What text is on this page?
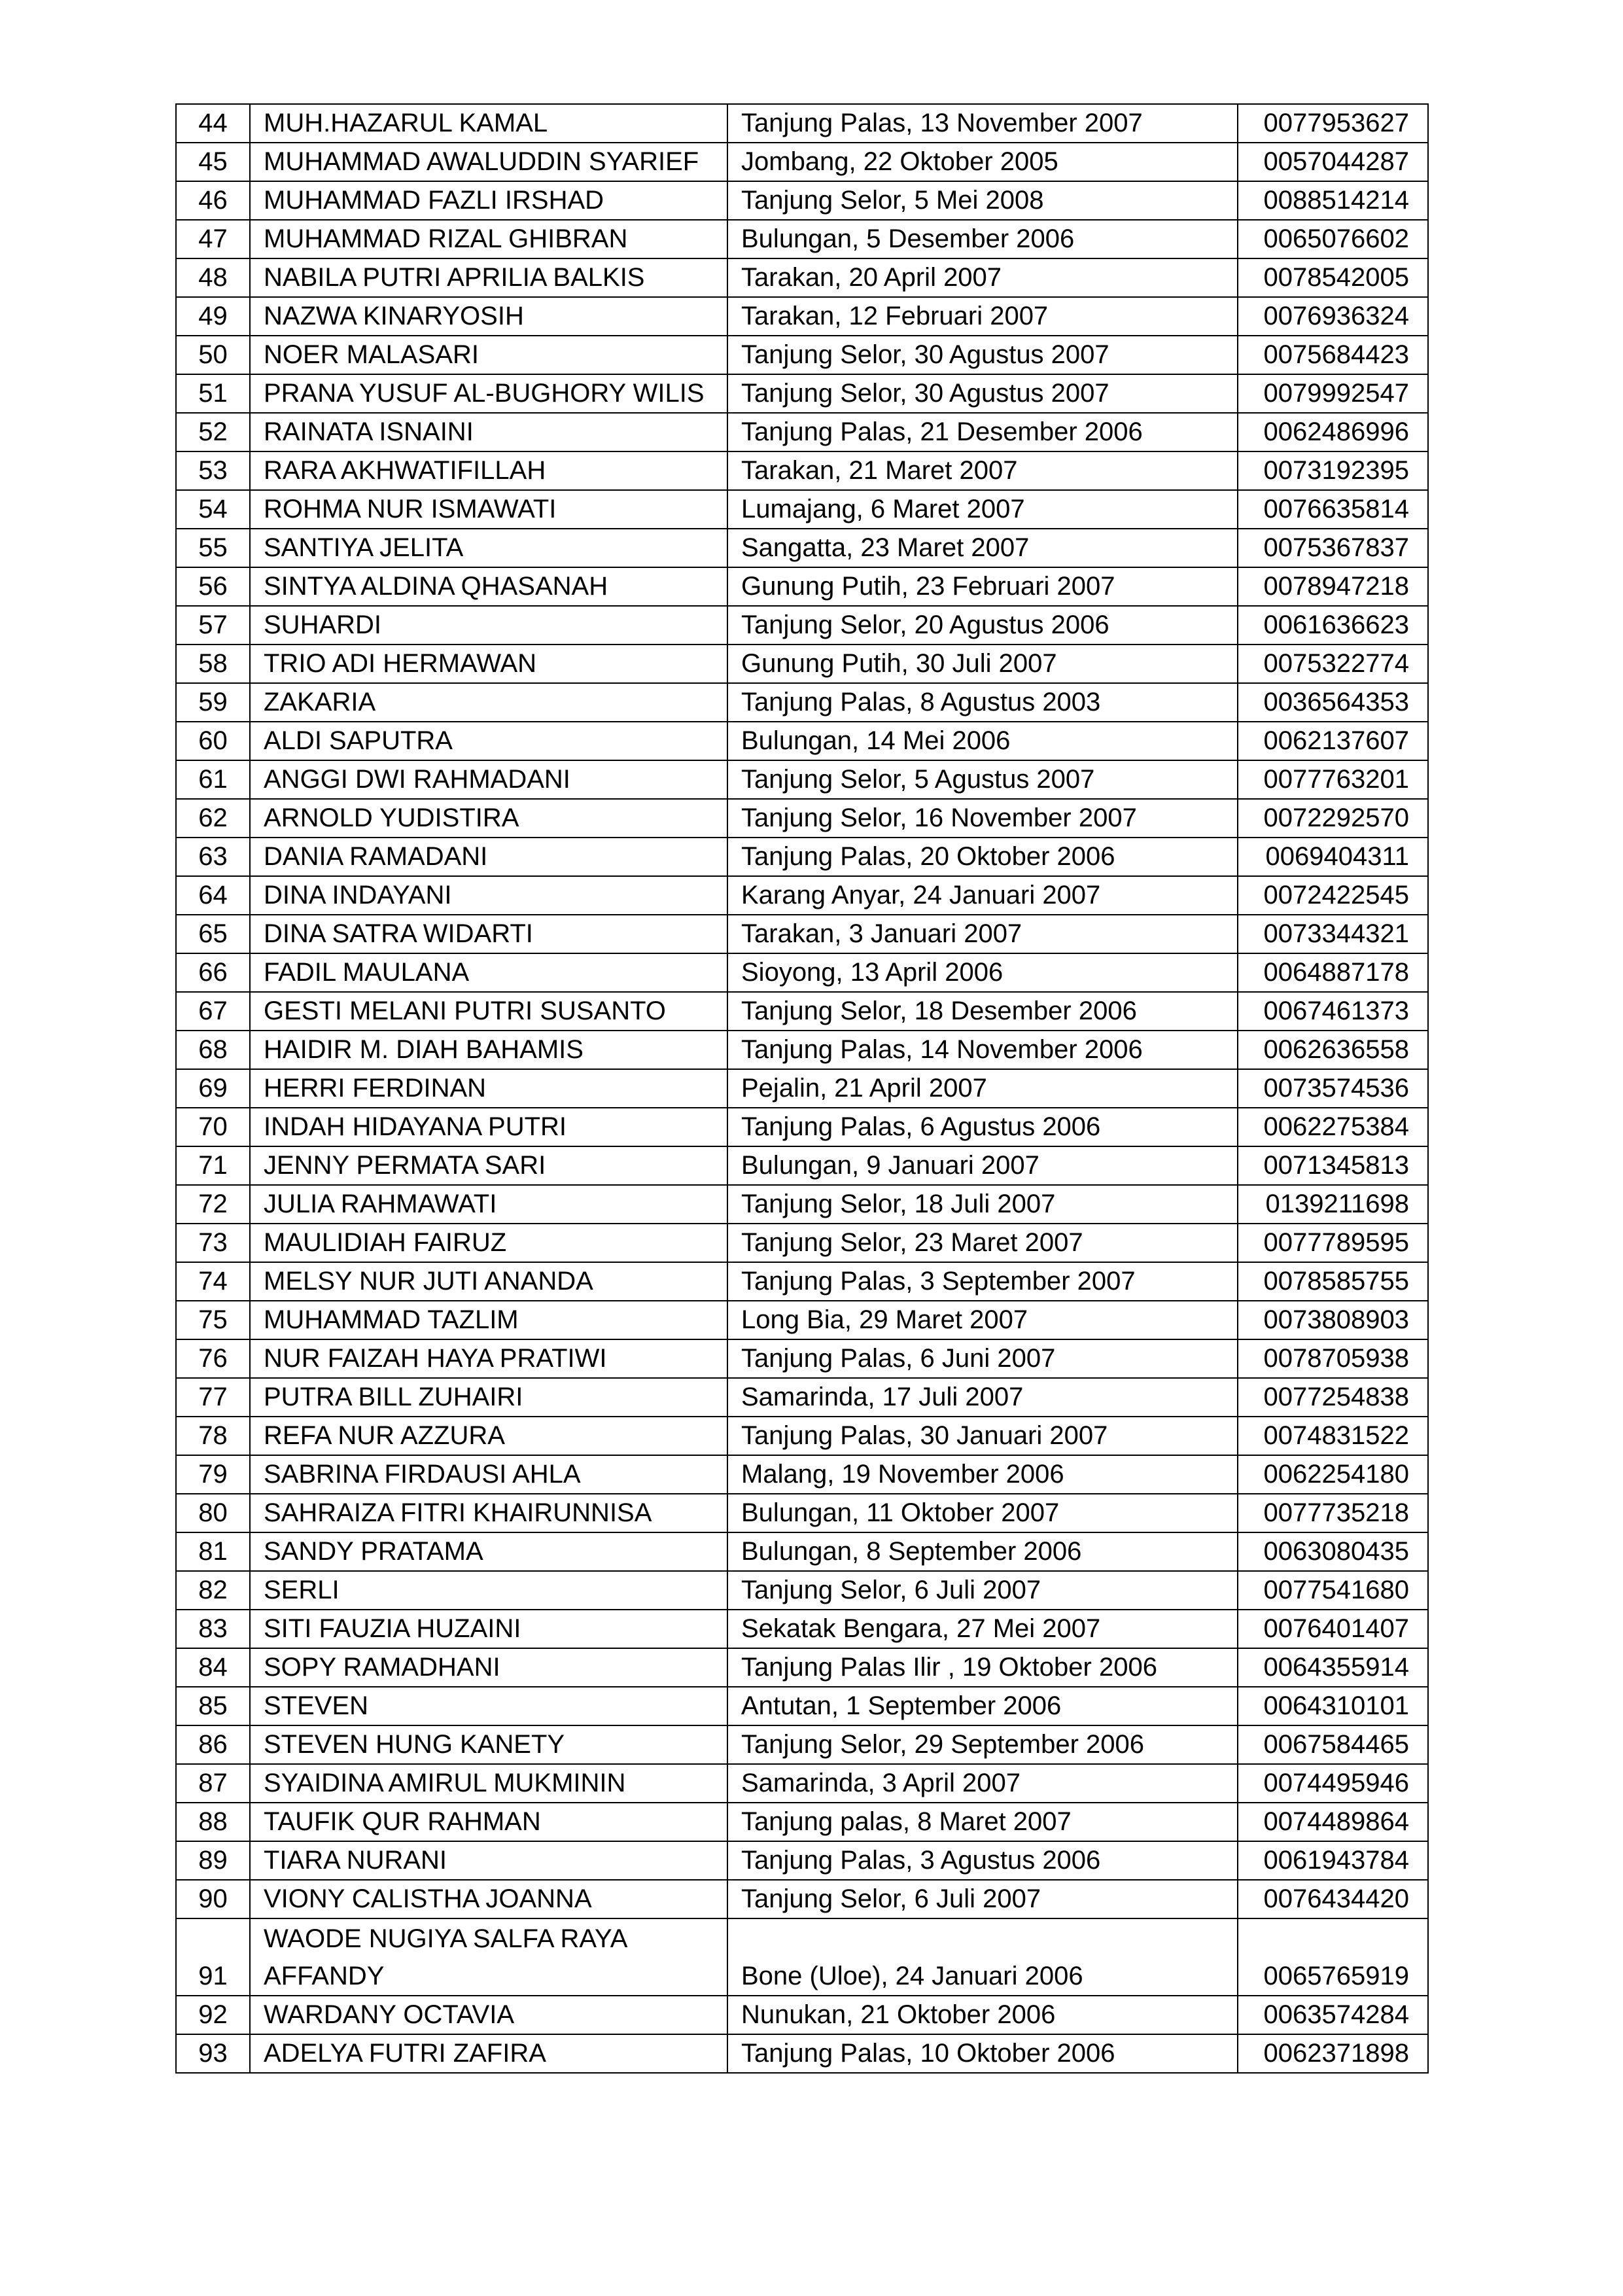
44	MUH.HAZARUL KAMAL	Tanjung Palas, 13 November 2007	0077953627
45	MUHAMMAD AWALUDDIN SYARIEF	Jombang, 22 Oktober 2005	0057044287
46	MUHAMMAD FAZLI IRSHAD	Tanjung Selor, 5 Mei 2008	0088514214
47	MUHAMMAD RIZAL GHIBRAN	Bulungan, 5 Desember 2006	0065076602
48	NABILA PUTRI APRILIA BALKIS	Tarakan, 20 April 2007	0078542005
49	NAZWA KINARYOSIH	Tarakan, 12 Februari 2007	0076936324
50	NOER MALASARI	Tanjung Selor, 30 Agustus 2007	0075684423
51	PRANA YUSUF AL-BUGHORY WILIS	Tanjung Selor, 30 Agustus 2007	0079992547
52	RAINATA ISNAINI	Tanjung Palas, 21 Desember 2006	0062486996
53	RARA AKHWATIFILLAH	Tarakan, 21 Maret 2007	0073192395
54	ROHMA NUR ISMAWATI	Lumajang, 6 Maret 2007	0076635814
55	SANTIYA JELITA	Sangatta, 23 Maret 2007	0075367837
56	SINTYA ALDINA QHASANAH	Gunung Putih, 23 Februari 2007	0078947218
57	SUHARDI	Tanjung Selor, 20 Agustus 2006	0061636623
58	TRIO ADI HERMAWAN	Gunung Putih, 30 Juli 2007	0075322774
59	ZAKARIA	Tanjung Palas, 8 Agustus 2003	0036564353
60	ALDI SAPUTRA	Bulungan, 14 Mei 2006	0062137607
61	ANGGI DWI RAHMADANI	Tanjung Selor, 5 Agustus 2007	0077763201
62	ARNOLD YUDISTIRA	Tanjung Selor, 16 November 2007	0072292570
63	DANIA RAMADANI	Tanjung Palas, 20 Oktober 2006	0069404311
64	DINA INDAYANI	Karang Anyar, 24 Januari 2007	0072422545
65	DINA SATRA WIDARTI	Tarakan, 3 Januari 2007	0073344321
66	FADIL MAULANA	Sioyong, 13 April 2006	0064887178
67	GESTI MELANI PUTRI SUSANTO	Tanjung Selor, 18 Desember 2006	0067461373
68	HAIDIR M. DIAH BAHAMIS	Tanjung Palas, 14 November 2006	0062636558
69	HERRI FERDINAN	Pejalin, 21 April 2007	0073574536
70	INDAH HIDAYANA PUTRI	Tanjung Palas, 6 Agustus 2006	0062275384
71	JENNY PERMATA SARI	Bulungan, 9 Januari 2007	0071345813
72	JULIA RAHMAWATI	Tanjung Selor, 18 Juli 2007	0139211698
73	MAULIDIAH FAIRUZ	Tanjung Selor, 23 Maret 2007	0077789595
74	MELSY NUR JUTI ANANDA	Tanjung Palas, 3 September 2007	0078585755
75	MUHAMMAD TAZLIM	Long Bia, 29 Maret 2007	0073808903
76	NUR FAIZAH HAYA PRATIWI	Tanjung Palas, 6 Juni 2007	0078705938
77	PUTRA BILL ZUHAIRI	Samarinda, 17 Juli 2007	0077254838
78	REFA NUR AZZURA	Tanjung Palas, 30 Januari 2007	0074831522
79	SABRINA FIRDAUSI AHLA	Malang, 19 November 2006	0062254180
80	SAHRAIZA FITRI KHAIRUNNISA	Bulungan, 11 Oktober 2007	0077735218
81	SANDY PRATAMA	Bulungan, 8 September 2006	0063080435
82	SERLI	Tanjung Selor, 6 Juli 2007	0077541680
83	SITI FAUZIA HUZAINI	Sekatak Bengara, 27 Mei 2007	0076401407
84	SOPY RAMADHANI	Tanjung Palas Ilir , 19 Oktober 2006	0064355914
85	STEVEN	Antutan, 1 September 2006	0064310101
86	STEVEN HUNG KANETY	Tanjung Selor, 29 September 2006	0067584465
87	SYAIDINA AMIRUL MUKMININ	Samarinda, 3 April 2007	0074495946
88	TAUFIK QUR RAHMAN	Tanjung palas, 8 Maret 2007	0074489864
89	TIARA NURANI	Tanjung Palas, 3 Agustus 2006	0061943784
90	VIONY CALISTHA JOANNA	Tanjung Selor, 6 Juli 2007	0076434420
91	WAODE NUGIYA SALFA RAYA AFFANDY	Bone (Uloe), 24 Januari 2006	0065765919
92	WARDANY OCTAVIA	Nunukan, 21 Oktober 2006	0063574284
93	ADELYA FUTRI ZAFIRA	Tanjung Palas, 10 Oktober 2006	0062371898
